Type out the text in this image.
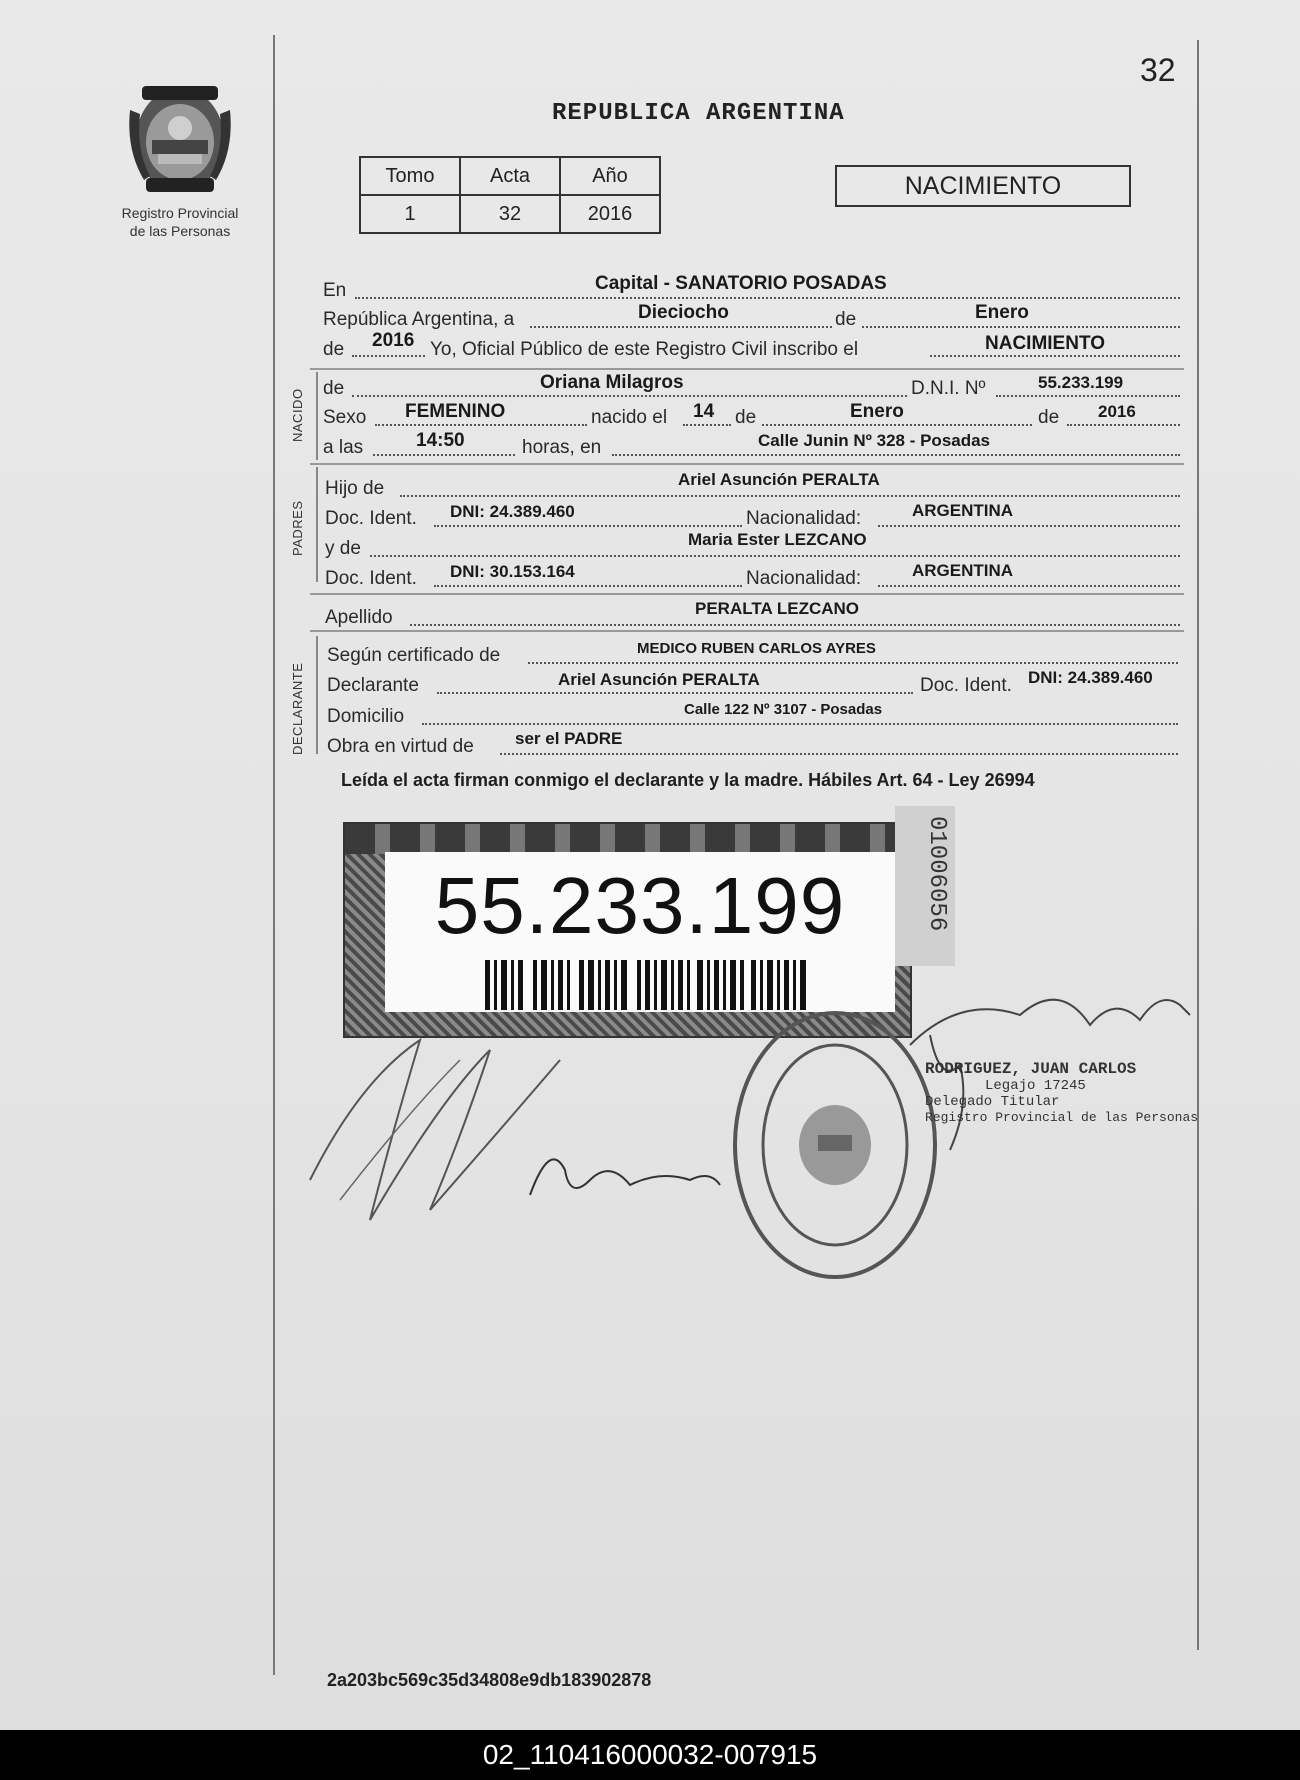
Registro Provincial
de las Personas
32
REPUBLICA ARGENTINA
Tomo	Acta	Año
1	32	2016
NACIMIENTO
En	Capital - SANATORIO POSADAS
República Argentina, a	Dieciocho	de	Enero
de 2016 Yo, Oficial Público de este Registro Civil inscribo el	NACIMIENTO
NACIDO de	Oriana Milagros	D.N.I. Nº	55.233.199
Sexo FEMENINO	nacido el 14 de	Enero	de 2016
a las	14:50	horas, en	Calle Junin Nº 328 - Posadas
PADRES
Hijo de	Ariel Asunción PERALTA
Doc. Ident. DNI: 24.389.460	Nacionalidad:	ARGENTINA
y de	Maria Ester LEZCANO
Doc. Ident. DNI: 30.153.164	Nacionalidad:	ARGENTINA
Apellido	PERALTA LEZCANO
DECLARANTE
Según certificado de	MEDICO RUBEN CARLOS AYRES
Declarante	Ariel Asunción PERALTA	Doc. Ident. DNI: 24.389.460
Domicilio	Calle 122 Nº 3107 - Posadas
Obra en virtud de ser el PADRE
Leída el acta firman conmigo el declarante y la madre. Hábiles Art. 64 - Ley 26994
55.233.199	01006056
RODRIGUEZ, JUAN CARLOS
Legajo 17245
Delegado Titular
Registro Provincial de las Personas
2a203bc569c35d34808e9db183902878
02_110416000032-007915
